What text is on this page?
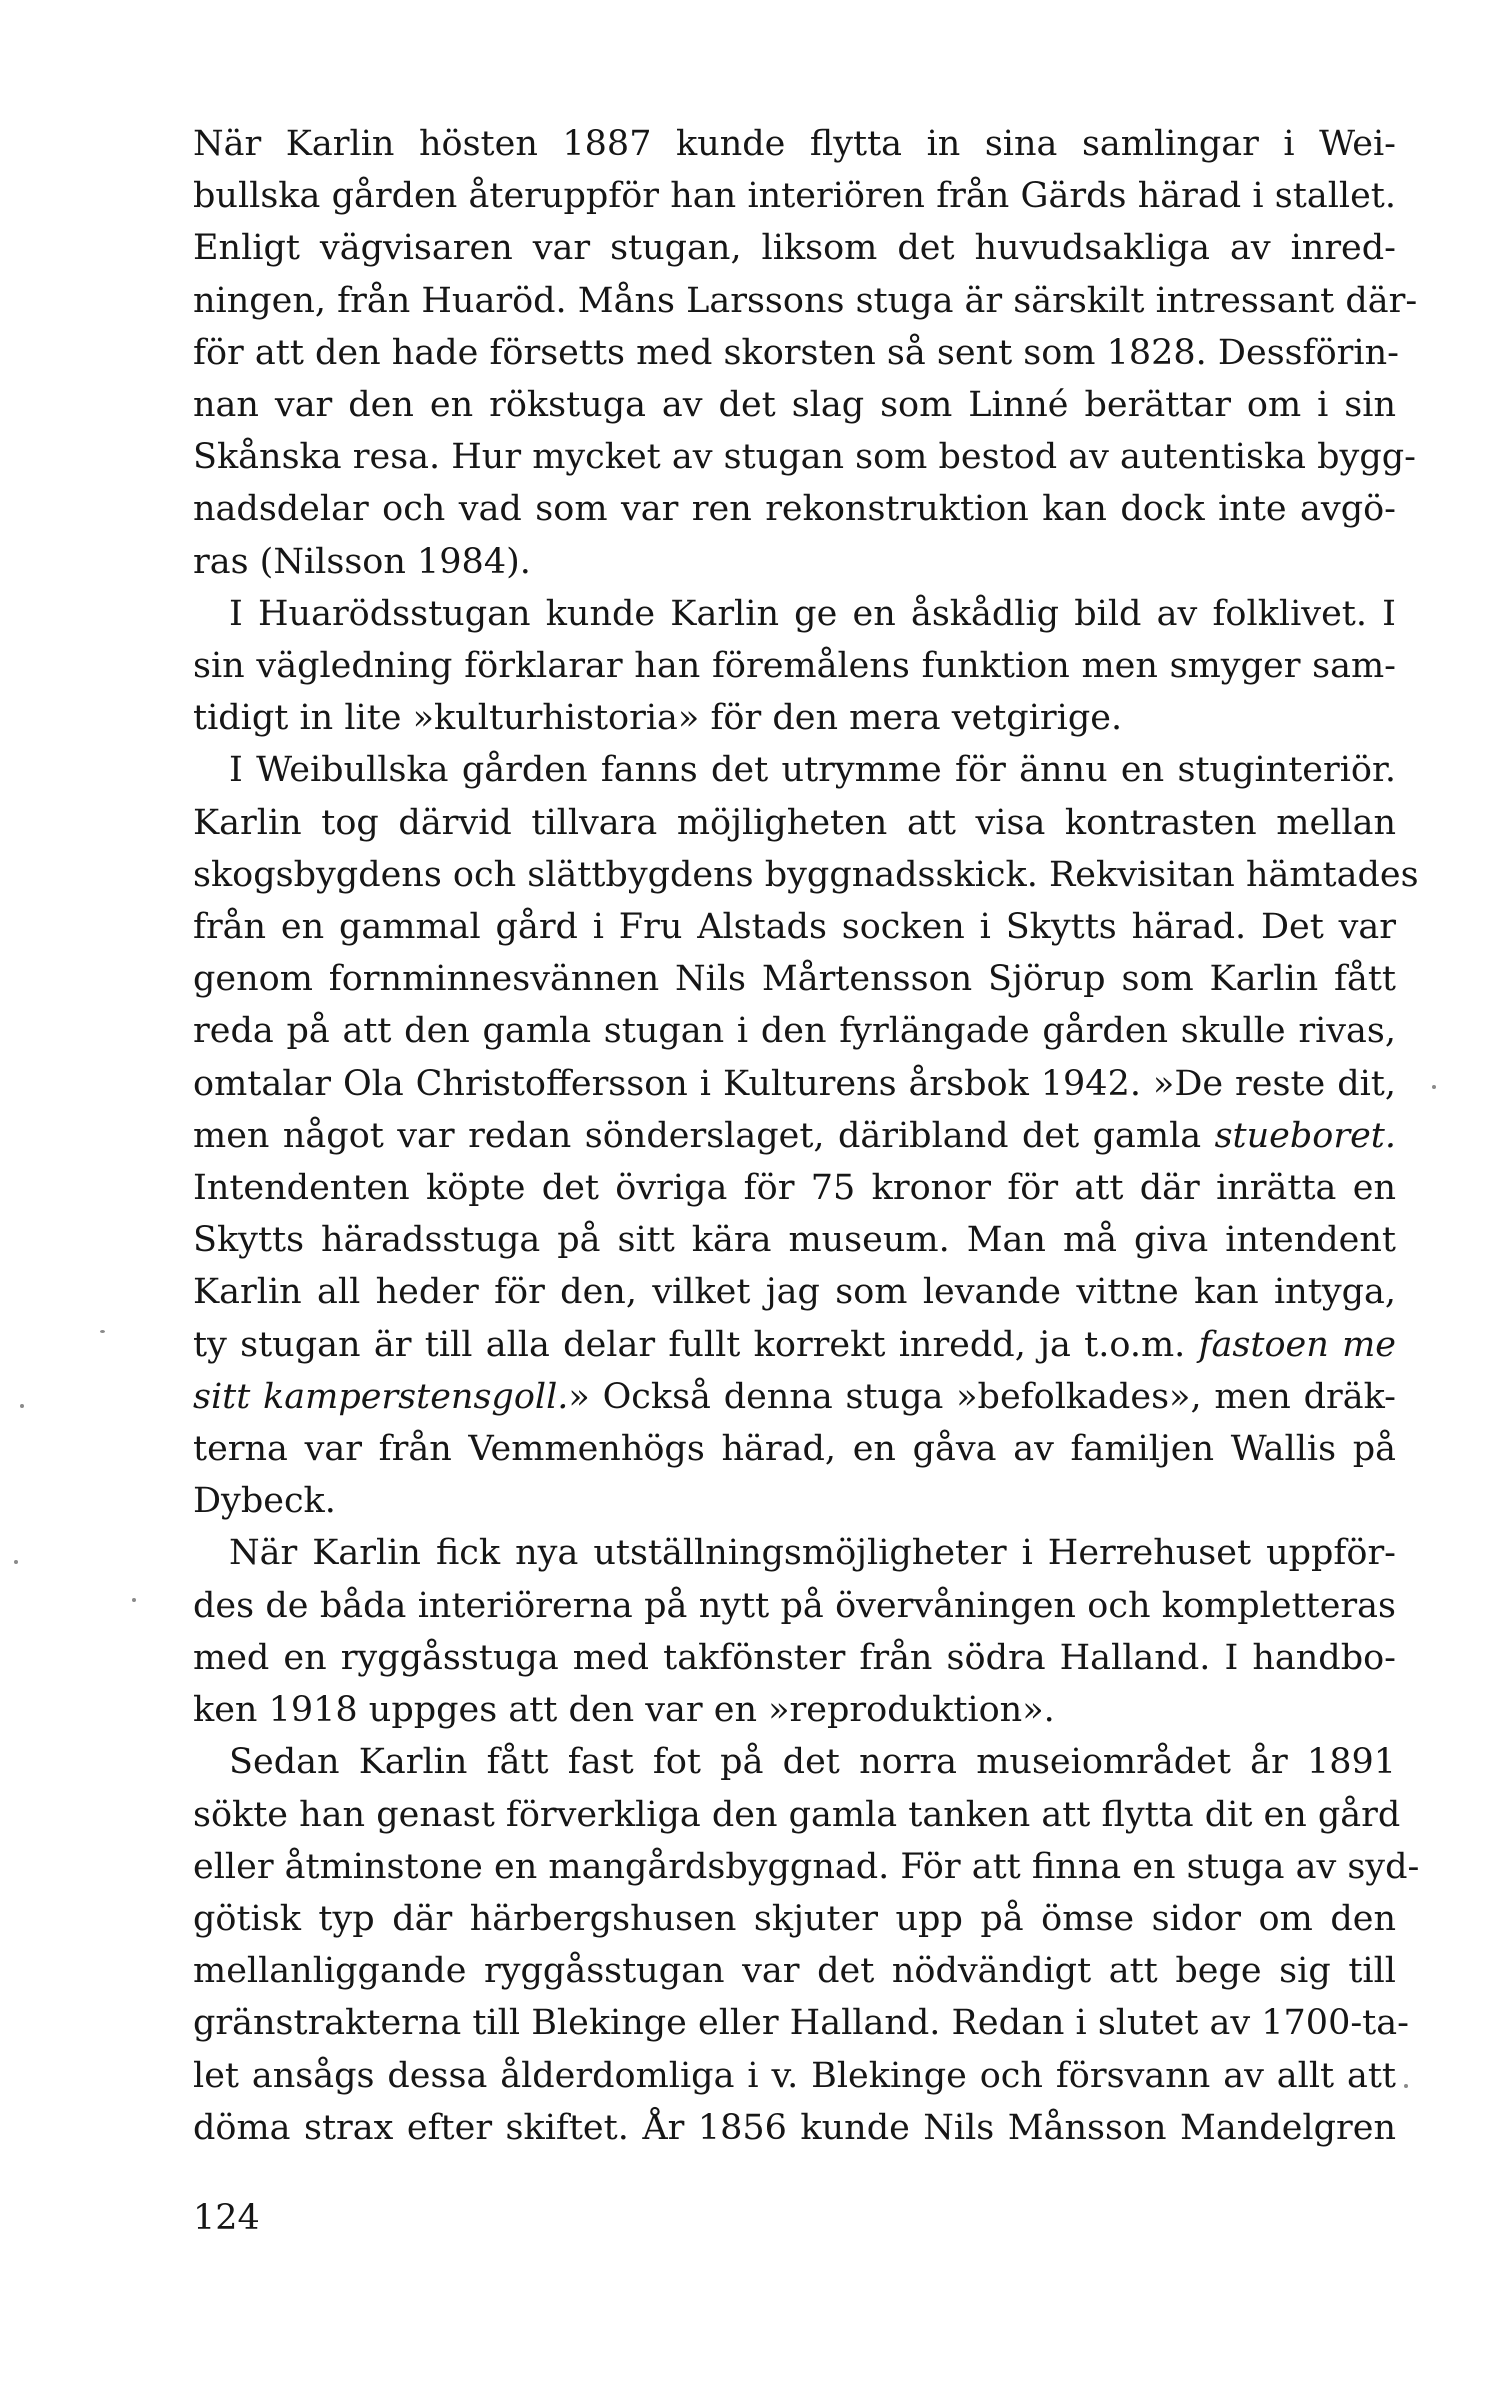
När Karlin hösten 1887 kunde flytta in sina samlingar i Wei-
bullska gården återuppför han interiören från Gärds härad i stallet.
Enligt vägvisaren var stugan, liksom det huvudsakliga av inred-
ningen, från Huaröd. Måns Larssons stuga är särskilt intressant där-
för att den hade försetts med skorsten så sent som 1828. Dessförin-
nan var den en rökstuga av det slag som Linné berättar om i sin
Skånska resa. Hur mycket av stugan som bestod av autentiska bygg-
nadsdelar och vad som var ren rekonstruktion kan dock inte avgö-
ras (Nilsson 1984).
I Huarödsstugan kunde Karlin ge en åskådlig bild av folklivet. I
sin vägledning förklarar han föremålens funktion men smyger sam-
tidigt in lite »kulturhistoria» för den mera vetgirige.
I Weibullska gården fanns det utrymme för ännu en stuginteriör.
Karlin tog därvid tillvara möjligheten att visa kontrasten mellan
skogsbygdens och slättbygdens byggnadsskick. Rekvisitan hämtades
från en gammal gård i Fru Alstads socken i Skytts härad. Det var
genom fornminnesvännen Nils Mårtensson Sjörup som Karlin fått
reda på att den gamla stugan i den fyrlängade gården skulle rivas,
omtalar Ola Christoffersson i Kulturens årsbok 1942. »De reste dit,
men något var redan sönderslaget, däribland det gamla stueboret.
Intendenten köpte det övriga för 75 kronor för att där inrätta en
Skytts häradsstuga på sitt kära museum. Man må giva intendent
Karlin all heder för den, vilket jag som levande vittne kan intyga,
ty stugan är till alla delar fullt korrekt inredd, ja t.o.m. fastoen me
sitt kamperstensgoll.» Också denna stuga »befolkades», men dräk-
terna var från Vemmenhögs härad, en gåva av familjen Wallis på
Dybeck.
När Karlin fick nya utställningsmöjligheter i Herrehuset uppför-
des de båda interiörerna på nytt på övervåningen och kompletteras
med en ryggåsstuga med takfönster från södra Halland. I handbo-
ken 1918 uppges att den var en »reproduktion».
Sedan Karlin fått fast fot på det norra museiområdet år 1891
sökte han genast förverkliga den gamla tanken att flytta dit en gård
eller åtminstone en mangårdsbyggnad. För att finna en stuga av syd-
götisk typ där härbergshusen skjuter upp på ömse sidor om den
mellanliggande ryggåsstugan var det nödvändigt att bege sig till
gränstrakterna till Blekinge eller Halland. Redan i slutet av 1700-ta-
let ansågs dessa ålderdomliga i v. Blekinge och försvann av allt att
döma strax efter skiftet. År 1856 kunde Nils Månsson Mandelgren
124
